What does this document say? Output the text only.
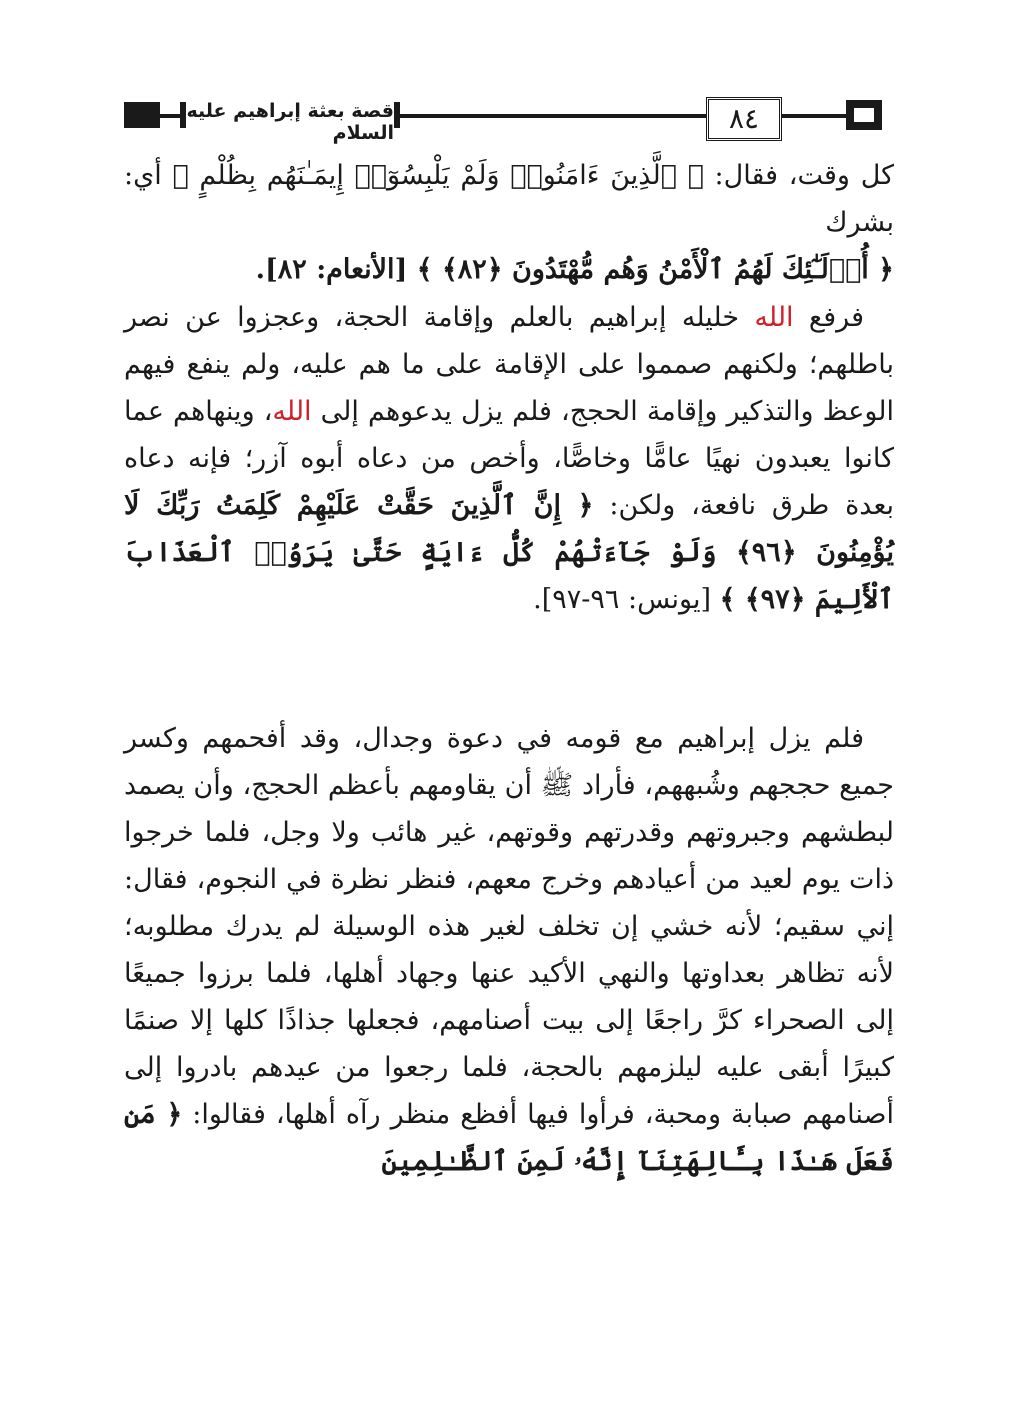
قصة بعثة إبراهيم عليه السلام	٨٤
كل وقت، فقال: ﴿ ٱلَّذِينَ ءَامَنُوا۟ وَلَمْ يَلْبِسُوٓا۟ إِيمَـٰنَهُم بِظُلْمٍ ﴾ أي: بشرك
﴿ أُو۟لَـٰٓئِكَ لَهُمُ ٱلْأَمْنُ وَهُم مُّهْتَدُونَ ﴿٨٢﴾ ﴾ [الأنعام: ٨٢].
فرفع الله خليله إبراهيم بالعلم وإقامة الحجة، وعجزوا عن نصر باطلهم؛ ولكنهم صمموا على الإقامة على ما هم عليه، ولم ينفع فيهم الوعظ والتذكير وإقامة الحجج، فلم يزل يدعوهم إلى الله، وينهاهم عما كانوا يعبدون نهيًا عامًّا وخاصًّا، وأخص من دعاه أبوه آزر؛ فإنه دعاه بعدة طرق نافعة، ولكن: ﴿ إِنَّ ٱلَّذِينَ حَقَّتْ عَلَيْهِمْ كَلِمَتُ رَبِّكَ لَا يُؤْمِنُونَ ﴿٩٦﴾ وَلَوْ جَآءَتْهُمْ كُلُّ ءَايَةٍ حَتَّىٰ يَرَوُا۟ ٱلْعَذَابَ ٱلْأَلِيمَ ﴿٩٧﴾ ﴾ [يونس: ٩٦-٩٧].
فلم يزل إبراهيم مع قومه في دعوة وجدال، وقد أفحمهم وكسر جميع حججهم وشُبههم، فأراد ﷺ أن يقاومهم بأعظم الحجج، وأن يصمد لبطشهم وجبروتهم وقدرتهم وقوتهم، غير هائب ولا وجل، فلما خرجوا ذات يوم لعيد من أعيادهم وخرج معهم، فنظر نظرة في النجوم، فقال: إني سقيم؛ لأنه خشي إن تخلف لغير هذه الوسيلة لم يدرك مطلوبه؛ لأنه تظاهر بعداوتها والنهي الأكيد عنها وجهاد أهلها، فلما برزوا جميعًا إلى الصحراء كرَّ راجعًا إلى بيت أصنامهم، فجعلها جذاذًا كلها إلا صنمًا كبيرًا أبقى عليه ليلزمهم بالحجة، فلما رجعوا من عيدهم بادروا إلى أصنامهم صبابة ومحبة، فرأوا فيها أفظع منظر رآه أهلها، فقالوا: ﴿ مَن فَعَلَ هَـٰذَا بِـَٔالِهَتِنَآ إِنَّهُۥ لَمِنَ ٱلظَّـٰلِمِينَ
